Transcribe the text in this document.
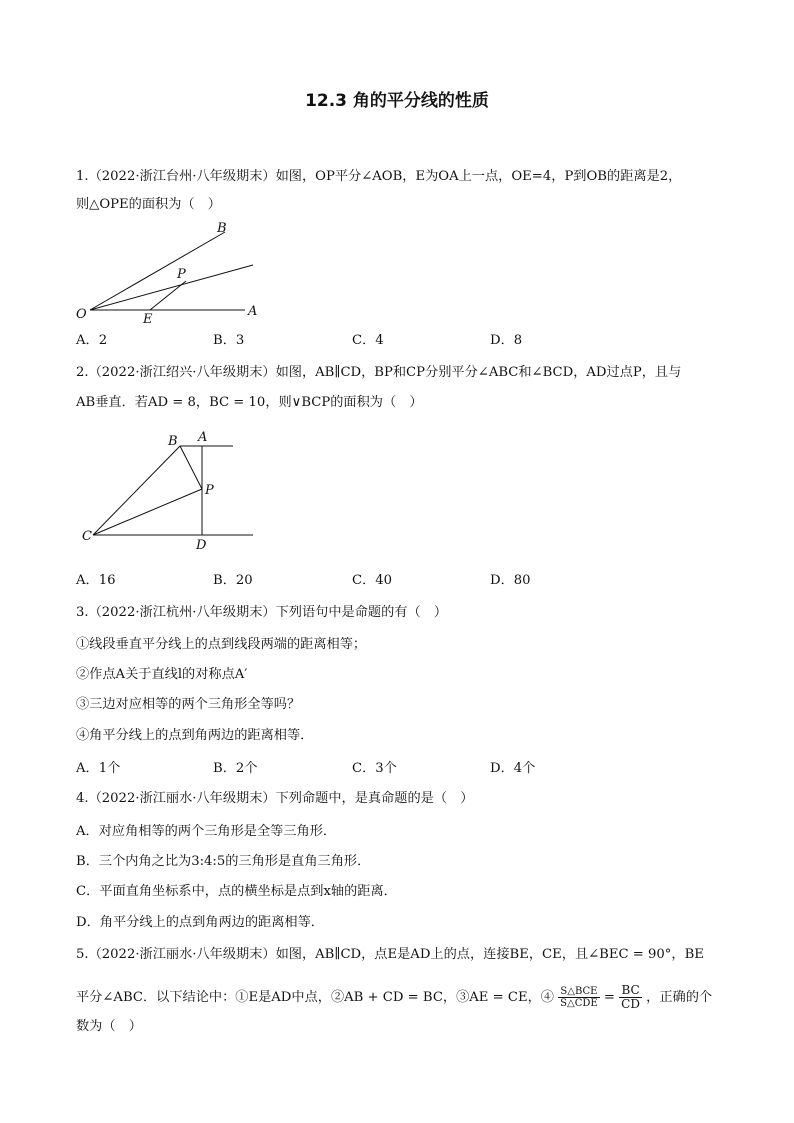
12.3 角的平分线的性质
1.（2022·浙江台州·八年级期末）如图，OP平分∠AOB，E为OA上一点，OE=4，P到OB的距离是2，
则△OPE的面积为（　）
B
P
O	E
A
A．2	B．3	C．4	D．8
2.（2022·浙江绍兴·八年级期末）如图，AB∥CD，BP和CP分别平分∠ABC和∠BCD，AD过点P，且与
AB垂直．若AD = 8，BC = 10，则∨BCP的面积为（　）
B A
P
C
D
A．16	B．20	C．40	D．80
3.（2022·浙江杭州·八年级期末）下列语句中是命题的有（　）
①线段垂直平分线上的点到线段两端的距离相等；
②作点A关于直线l的对称点A′
③三边对应相等的两个三角形全等吗？
④角平分线上的点到角两边的距离相等．
A．1个	B．2个	C．3个	D．4个
4.（2022·浙江丽水·八年级期末）下列命题中，是真命题的是（　）
A．对应角相等的两个三角形是全等三角形．
B．三个内角之比为3:4:5的三角形是直角三角形．
C．平面直角坐标系中，点的横坐标是点到x轴的距离．
D．角平分线上的点到角两边的距离相等．
5.（2022·浙江丽水·八年级期末）如图，AB∥CD，点E是AD上的点，连接BE，CE，且∠BEC = 90°，BE
平分∠ABC．以下结论中：①E是AD中点，②AB + CD = BC，③AE = CE，④ $\frac{\text{S△BCE}}{\text{S△CDE}} = \frac{BC}{CD}$ ，正确的个
数为（　）
